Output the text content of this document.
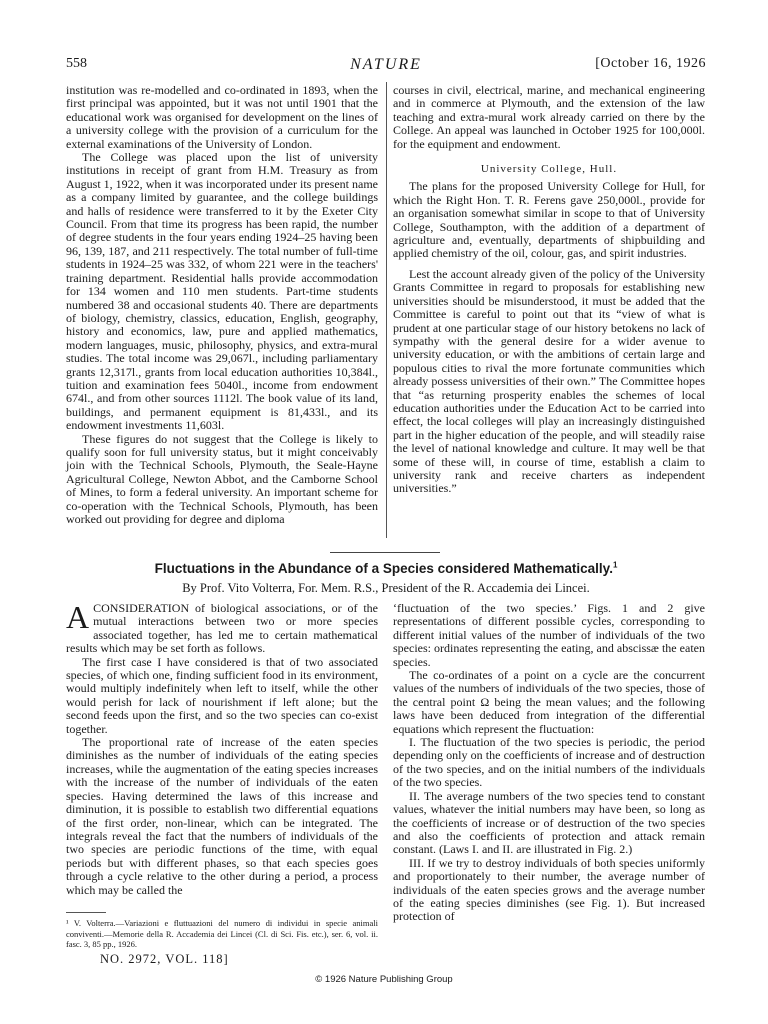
558	NATURE	[October 16, 1926

institution was re-modelled and co-ordinated in 1893, when the first principal was appointed, but it was not until 1901 that the educational work was organised for development on the lines of a university college with the provision of a curriculum for the external examinations of the University of London.

The College was placed upon the list of university institutions in receipt of grant from H.M. Treasury as from August 1, 1922, when it was incorporated under its present name as a company limited by guarantee, and the college buildings and halls of residence were transferred to it by the Exeter City Council. From that time its progress has been rapid, the number of degree students in the four years ending 1924–25 having been 96, 139, 187, and 211 respectively. The total number of full-time students in 1924–25 was 332, of whom 221 were in the teachers' training department. Residential halls provide accommodation for 134 women and 110 men students. Part-time students numbered 38 and occasional students 40. There are departments of biology, chemistry, classics, education, English, geography, history and economics, law, pure and applied mathematics, modern languages, music, philosophy, physics, and extra-mural studies. The total income was 29,067l., including parliamentary grants 12,317l., grants from local education authorities 10,384l., tuition and examination fees 5040l., income from endowment 674l., and from other sources 1112l. The book value of its land, buildings, and permanent equipment is 81,433l., and its endowment investments 11,603l.

These figures do not suggest that the College is likely to qualify soon for full university status, but it might conceivably join with the Technical Schools, Plymouth, the Seale-Hayne Agricultural College, Newton Abbot, and the Camborne School of Mines, to form a federal university. An important scheme for co-operation with the Technical Schools, Plymouth, has been worked out providing for degree and diploma

courses in civil, electrical, marine, and mechanical engineering and in commerce at Plymouth, and the extension of the law teaching and extra-mural work already carried on there by the College. An appeal was launched in October 1925 for 100,000l. for the equipment and endowment.

University College, Hull.

The plans for the proposed University College for Hull, for which the Right Hon. T. R. Ferens gave 250,000l., provide for an organisation somewhat similar in scope to that of University College, Southampton, with the addition of a department of agriculture and, eventually, departments of shipbuilding and applied chemistry of the oil, colour, gas, and spirit industries.

Lest the account already given of the policy of the University Grants Committee in regard to proposals for establishing new universities should be misunderstood, it must be added that the Committee is careful to point out that its “view of what is prudent at one particular stage of our history betokens no lack of sympathy with the general desire for a wider avenue to university education, or with the ambitions of certain large and populous cities to rival the more fortunate communities which already possess universities of their own.” The Committee hopes that “as returning prosperity enables the schemes of local education authorities under the Education Act to be carried into effect, the local colleges will play an increasingly distinguished part in the higher education of the people, and will steadily raise the level of national knowledge and culture. It may well be that some of these will, in course of time, establish a claim to university rank and receive charters as independent universities.”

Fluctuations in the Abundance of a Species considered Mathematically.$^1$
By Prof. Vito Volterra, For. Mem. R.S., President of the R. Accademia dei Lincei.

A CONSIDERATION of biological associations, or of the mutual interactions between two or more species associated together, has led me to certain mathematical results which may be set forth as follows.

The first case I have considered is that of two associated species, of which one, finding sufficient food in its environment, would multiply indefinitely when left to itself, while the other would perish for lack of nourishment if left alone; but the second feeds upon the first, and so the two species can co-exist together.

The proportional rate of increase of the eaten species diminishes as the number of individuals of the eating species increases, while the augmentation of the eating species increases with the increase of the number of individuals of the eaten species. Having determined the laws of this increase and diminution, it is possible to establish two differential equations of the first order, non-linear, which can be integrated. The integrals reveal the fact that the numbers of individuals of the two species are periodic functions of the time, with equal periods but with different phases, so that each species goes through a cycle relative to the other during a period, a process which may be called the

‘fluctuation of the two species.’ Figs. 1 and 2 give representations of different possible cycles, corresponding to different initial values of the number of individuals of the two species: ordinates representing the eating, and abscissæ the eaten species.

The co-ordinates of a point on a cycle are the concurrent values of the numbers of individuals of the two species, those of the central point Ω being the mean values; and the following laws have been deduced from integration of the differential equations which represent the fluctuation:

I. The fluctuation of the two species is periodic, the period depending only on the coefficients of increase and of destruction of the two species, and on the initial numbers of the individuals of the two species.

II. The average numbers of the two species tend to constant values, whatever the initial numbers may have been, so long as the coefficients of increase or of destruction of the two species and also the coefficients of protection and attack remain constant. (Laws I. and II. are illustrated in Fig. 2.)

III. If we try to destroy individuals of both species uniformly and proportionately to their number, the average number of individuals of the eaten species grows and the average number of the eating species diminishes (see Fig. 1). But increased protection of

¹ V. Volterra.—Variazioni e fluttuazioni del numero di individui in specie animali conviventi.—Memorie della R. Accademia dei Lincei (Cl. di Sci. Fis. etc.), ser. 6, vol. ii. fasc. 3, 85 pp., 1926.
NO. 2972, VOL. 118]
© 1926 Nature Publishing Group
